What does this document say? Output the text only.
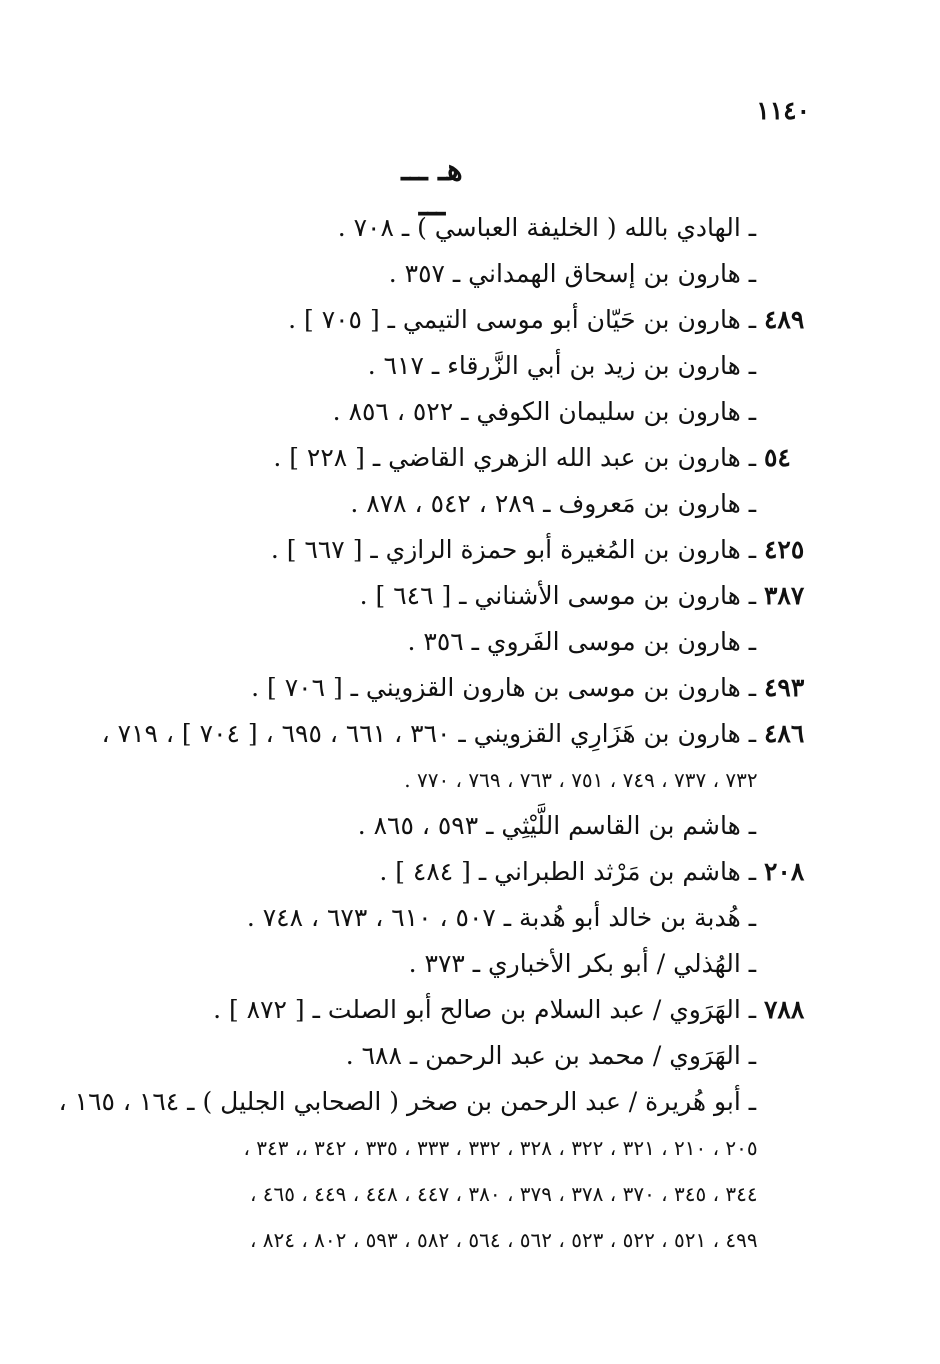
١١٤٠
ـــ هـ ـــ
ـ الهادي بالله ( الخليفة العباسي ) ـ ٧٠٨ .
ـ هارون بن إسحاق الهمداني ـ ٣٥٧ .
٤٨٩ ـ هارون بن حَيّان أبو موسى التيمي ـ [ ٧٠٥ ] .
ـ هارون بن زيد بن أبي الزَّرقاء ـ ٦١٧ .
ـ هارون بن سليمان الكوفي ـ ٥٢٢ ، ٨٥٦ .
٥٤ ـ هارون بن عبد الله الزهري القاضي ـ [ ٢٢٨ ] .
ـ هارون بن مَعروف ـ ٢٨٩ ، ٥٤٢ ، ٨٧٨ .
٤٢٥ ـ هارون بن المُغيرة أبو حمزة الرازي ـ [ ٦٦٧ ] .
٣٨٧ ـ هارون بن موسى الأشناني ـ [ ٦٤٦ ] .
ـ هارون بن موسى الفَروي ـ ٣٥٦ .
٤٩٣ ـ هارون بن موسى بن هارون القزويني ـ [ ٧٠٦ ] .
٤٨٦ ـ هارون بن هَزَارِي القزويني ـ ٣٦٠ ، ٦٦١ ، ٦٩٥ ، [ ٧٠٤ ] ، ٧١٩ ،
٧٣٢ ، ٧٣٧ ، ٧٤٩ ، ٧٥١ ، ٧٦٣ ، ٧٦٩ ، ٧٧٠ .
ـ هاشم بن القاسم اللَّيْثِي ـ ٥٩٣ ، ٨٦٥ .
٢٠٨ ـ هاشم بن مَرْثد الطبراني ـ [ ٤٨٤ ] .
ـ هُدبة بن خالد أبو هُدبة ـ ٥٠٧ ، ٦١٠ ، ٦٧٣ ، ٧٤٨ .
ـ الهُذلي / أبو بكر الأخباري ـ ٣٧٣ .
٧٨٨ ـ الهَرَوي / عبد السلام بن صالح أبو الصلت ـ [ ٨٧٢ ] .
ـ الهَرَوي / محمد بن عبد الرحمن ـ ٦٨٨ .
ـ أبو هُريرة / عبد الرحمن بن صخر ( الصحابي الجليل ) ـ ١٦٤ ، ١٦٥ ،
٢٠٥ ، ٢١٠ ، ٣٢١ ، ٣٢٢ ، ٣٢٨ ، ٣٣٢ ، ٣٣٣ ، ٣٣٥ ، ٣٤٢ ،، ٣٤٣ ،
٣٤٤ ، ٣٤٥ ، ٣٧٠ ، ٣٧٨ ، ٣٧٩ ، ٣٨٠ ، ٤٤٧ ، ٤٤٨ ، ٤٤٩ ، ٤٦٥ ،
٤٩٩ ، ٥٢١ ، ٥٢٢ ، ٥٢٣ ، ٥٦٢ ، ٥٦٤ ، ٥٨٢ ، ٥٩٣ ، ٨٠٢ ، ٨٢٤ ،
